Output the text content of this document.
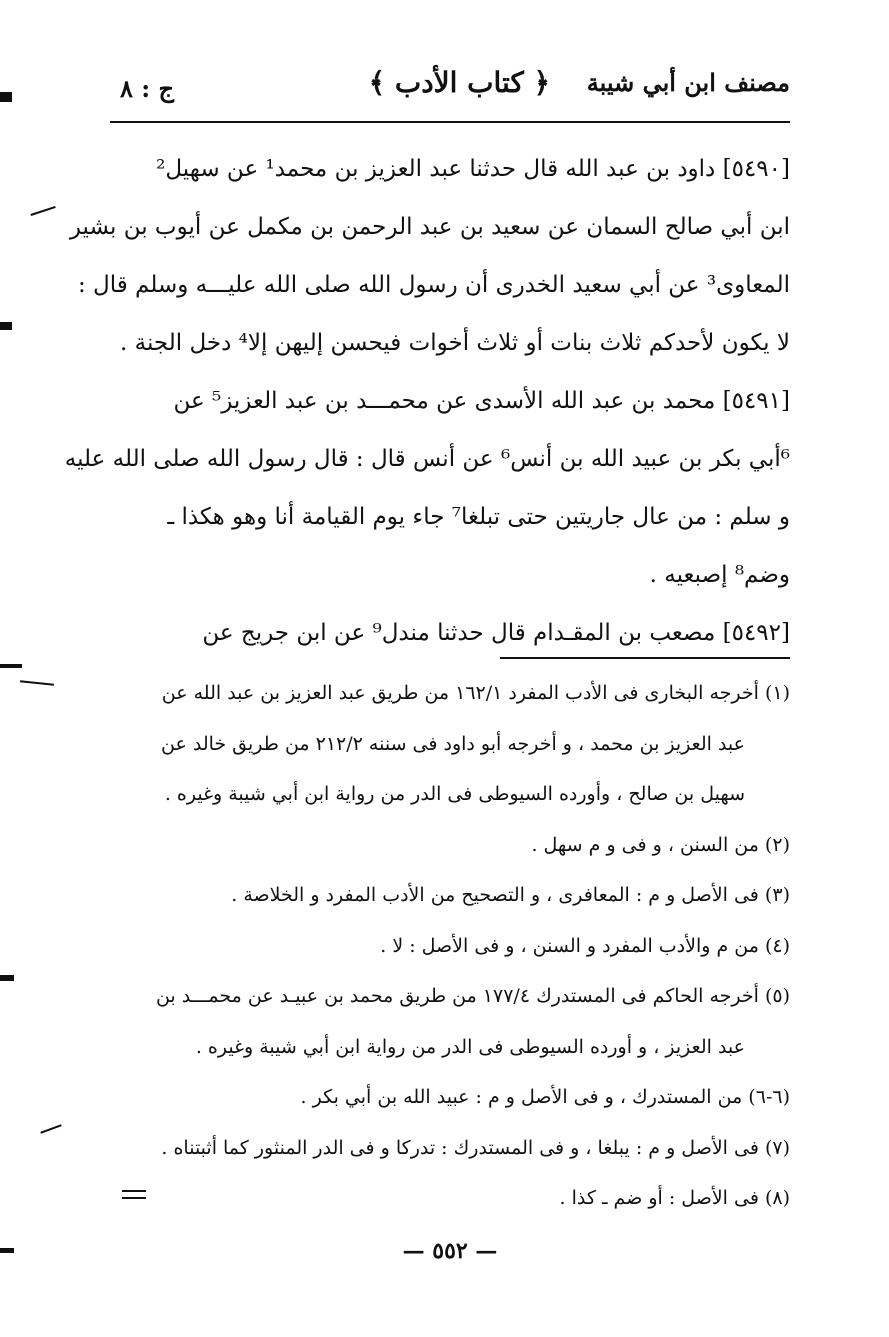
مصنف ابن أبي شيبة
﴿ كتاب الأدب ﴾
ج : ٨
[٥٤٩٠] داود بن عبد الله قال حدثنا عبد العزيز بن محمد¹ عن سهيل²
ابن أبي صالح السمان عن سعيد بن عبد الرحمن بن مكمل عن أيوب بن بشير
المعاوى³ عن أبي سعيد الخدرى أن رسول الله صلى الله عليـــه وسلم قال :
لا يكون لأحدكم ثلاث بنات أو ثلاث أخوات فيحسن إليهن إلا⁴ دخل الجنة .
[٥٤٩١] محمد بن عبد الله الأسدى عن محمـــد بن عبد العزيز⁵ عن
⁶أبي بكر بن عبيد الله بن أنس⁶ عن أنس قال : قال رسول الله صلى الله عليه
و سلم : من عال جاريتين حتى تبلغا⁷ جاء يوم القيامة أنا وهو هكذا ـ
وضم⁸ إصبعيه .
[٥٤٩٢] مصعب بن المقـدام قال حدثنا مندل⁹ عن ابن جريج عن
(١) أخرجه البخارى فى الأدب المفرد ١٦٢/١ من طريق عبد العزيز بن عبد الله عن
عبد العزيز بن محمد ، و أخرجه أبو داود فى سننه ٢١٢/٢ من طريق خالد عن
سهيل بن صالح ، وأورده السيوطى فى الدر من رواية ابن أبي شيبة وغيره .
(٢) من السنن ، و فى و م سهل .
(٣) فى الأصل و م : المعافرى ، و التصحيح من الأدب المفرد و الخلاصة .
(٤) من م والأدب المفرد و السنن ، و فى الأصل : لا .
(٥) أخرجه الحاكم فى المستدرك ١٧٧/٤ من طريق محمد بن عبيـد عن محمـــد بن
عبد العزيز ، و أورده السيوطى فى الدر من رواية ابن أبي شيبة وغيره .
(٦-٦) من المستدرك ، و فى الأصل و م : عبيد الله بن أبي بكر .
(٧) فى الأصل و م : يبلغا ، و فى المستدرك : تدركا و فى الدر المنثور كما أثبتناه .
(٨) فى الأصل : أو ضم ـ كذا .
— ٥٥٢ —
